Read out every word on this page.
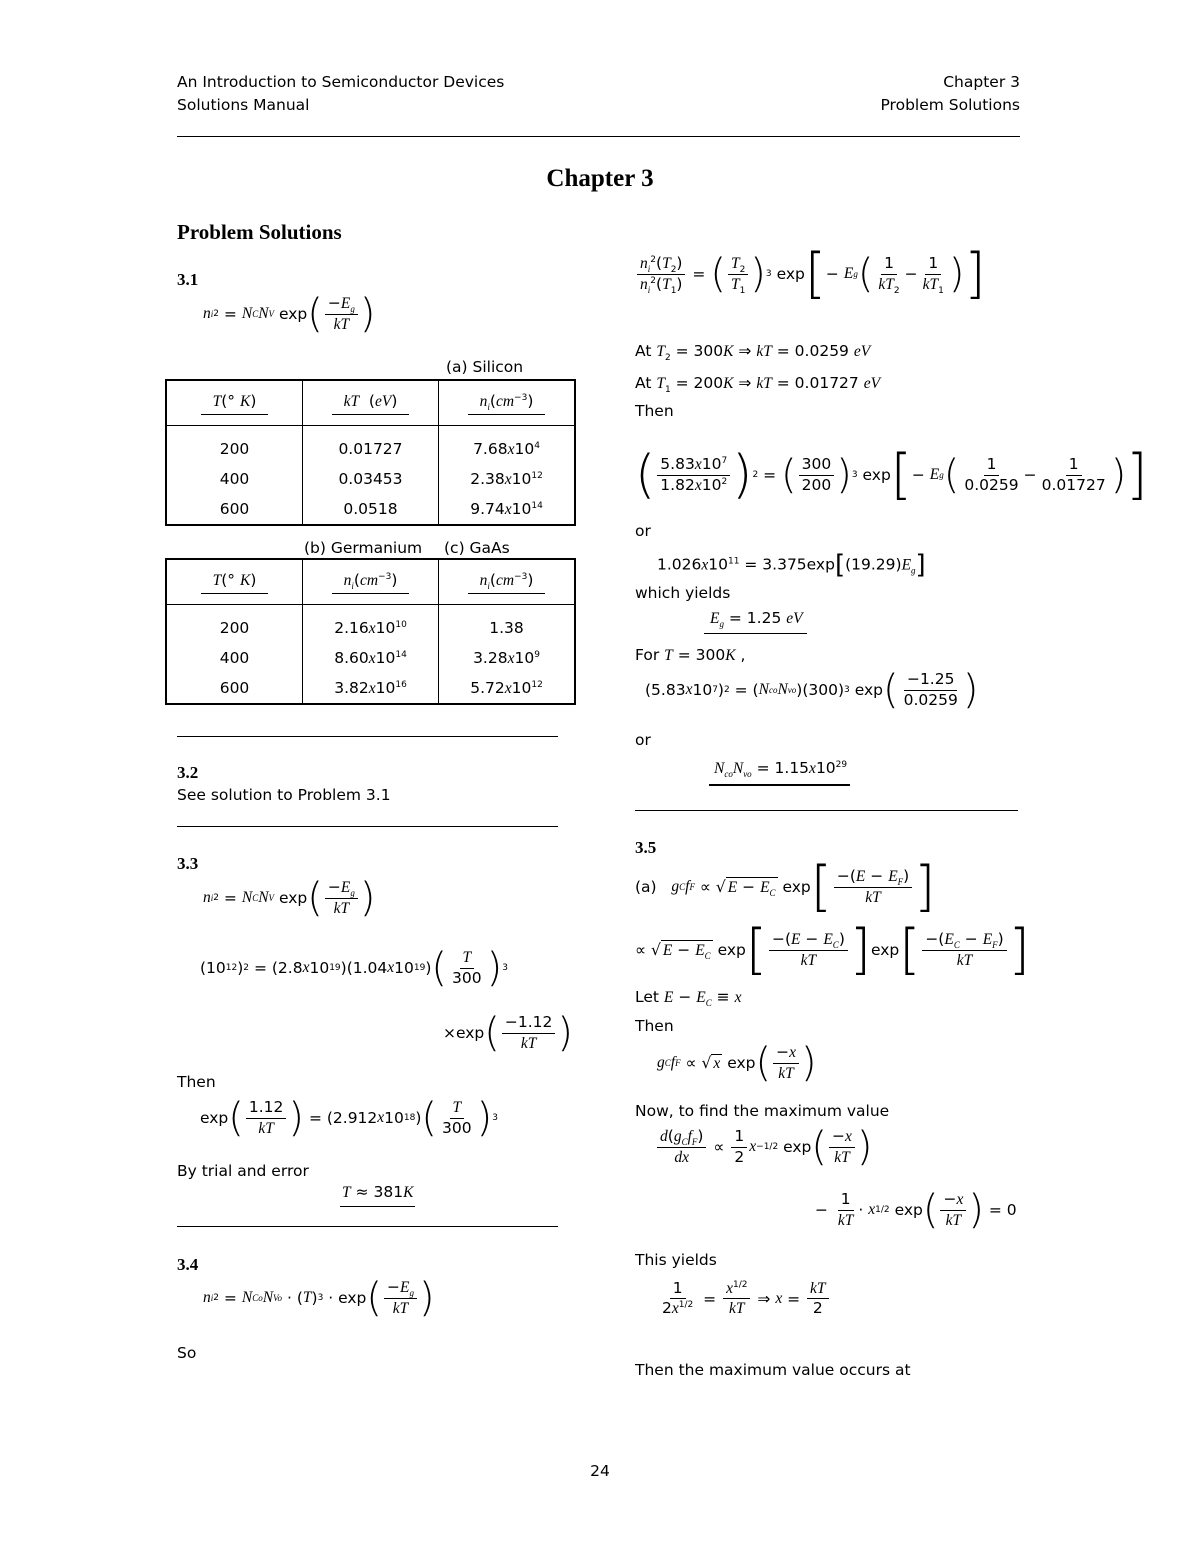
An Introduction to Semiconductor Devices
Solutions Manual
Chapter 3
Problem Solutions
Chapter 3
Problem Solutions
3.1
n i 2 = N C N V exp ( $\frac{-E_g}{kT}$ )
(a) Silicon
T(° K)	kT  (eV)	$n_i(cm^{-3})$
200	0.01727	$7.68x10^4$
400	0.03453	$2.38x10^{12}$
600	0.0518	$9.74x10^{14}$
(b) Germanium (c) GaAs
T(° K)	$n_i(cm^{-3})$	$n_i(cm^{-3})$
200	$2.16x10^{10}$	1.38
400	$8.60x10^{14}$	$3.28x10^9$
600	$3.82x10^{16}$	$5.72x10^{12}$
3.2
See solution to Problem 3.1
3.3
n i 2 = N C N V exp ( $\frac{-E_g}{kT}$ )
(10 12 ) 2 = (2.8 x 10 19 )(1.04 x 10 19 ) ( $\frac{T}{300}$ ) 3
×exp ( $\frac{-1.12}{kT}$ )
Then
exp ( $\frac{1.12}{kT}$ ) = (2.912 x 10 18 ) ( $\frac{T}{300}$ ) 3
By trial and error
T ≈ 381K
3.4
n i 2 = N Co N Vo · ( T ) 3 · exp ( $\frac{-E_g}{kT}$ )
So
$\frac{n_i^2(T_2)}{n_i^2(T_1)}$ = ( $\frac{T_2}{T_1}$ ) 3 exp [ − E g ( $\frac{1}{kT_2} - \frac{1}{kT_1}$ ) ]
At $T_2 = 300K$ ⇒ kT = 0.0259 eV
At $T_1 = 200K$ ⇒ kT = 0.01727 eV
Then
( $\frac{5.83x10^7}{1.82x10^2}$ ) 2 = ( $\frac{300}{200}$ ) 3 exp [ − E g ( $\frac{1}{0.0259} - \frac{1}{0.01727}$ ) ]
or
$1.026x10^{11} = 3.375\exp[(19.29)E_g]$
which yields
$E_g = 1.25$ eV
For T = 300K ,
(5.83 x 10 7 ) 2 = ( N co N vo )(300) 3 exp ( $\frac{-1.25}{0.0259}$ )
or
$N_{co}N_{vo} = 1.15x10^{29}$
3.5
(a) g C f F ∝ √ $E - E_C$ exp [ $\frac{-(E - E_F)}{kT}$ ]
∝ √ $E - E_C$ exp [ $\frac{-(E - E_C)}{kT}$ ] exp [ $\frac{-(E_C - E_F)}{kT}$ ]
Let $E - E_C \equiv x$
Then
g C f F ∝ √ x exp ( $\frac{-x}{kT}$ )
Now, to find the maximum value
$\frac{d(g_Cf_F)}{dx} \propto \frac{1}{2}$ x −1/2 exp ( $\frac{-x}{kT}$ )
− $\frac{1}{kT} \cdot x$ 1/2 exp ( $\frac{-x}{kT}$ ) = 0
This yields
$\frac{1}{2x^{1/2}} = \frac{x^{1/2}}{kT}$ ⇒ $x = \frac{kT}{2}$
Then the maximum value occurs at
24
